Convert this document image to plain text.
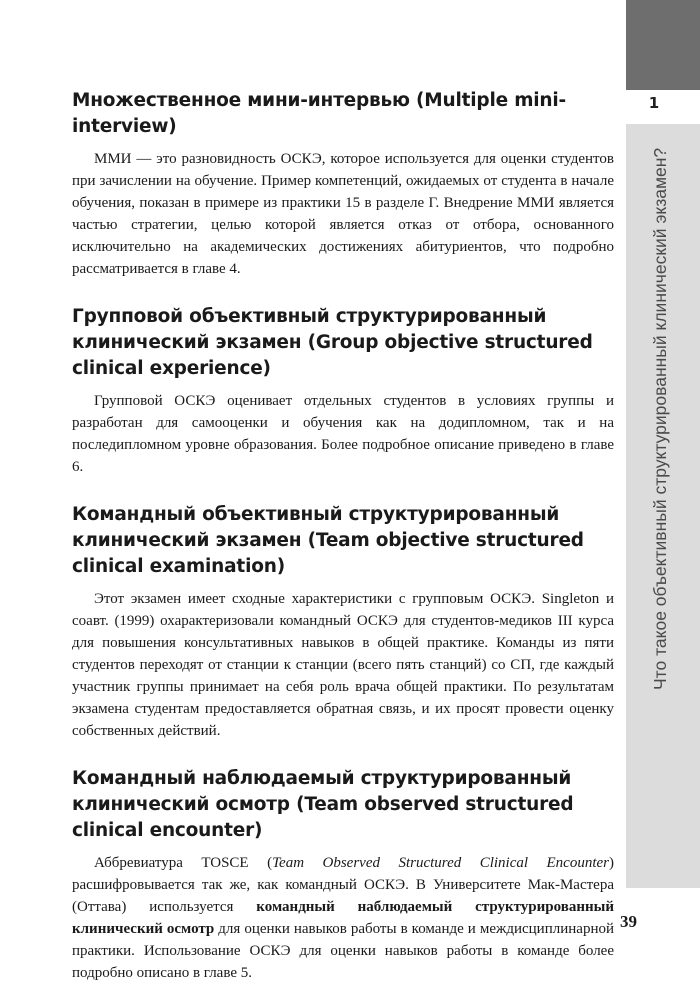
1
Что такое объективный структурированный клинический экзамен?
Множественное мини-интервью (Multiple mini-interview)

ММИ — это разновидность ОСКЭ, которое используется для оценки студентов при зачислении на обучение. Пример компетенций, ожидаемых от студента в начале обучения, показан в примере из практики 15 в разделе Г. Внедрение ММИ является частью стратегии, целью которой является отказ от отбора, основанного исключительно на академических достижениях абитуриентов, что подробно рассматривается в главе 4.

Групповой объективный структурированный клинический экзамен (Group objective structured clinical experience)

Групповой ОСКЭ оценивает отдельных студентов в условиях группы и разработан для самооценки и обучения как на додипломном, так и на последипломном уровне образования. Более подробное описание приведено в главе 6.

Командный объективный структурированный клинический экзамен (Team objective structured clinical examination)

Этот экзамен имеет сходные характеристики с групповым ОСКЭ. Singleton и соавт. (1999) охарактеризовали командный ОСКЭ для студентов-медиков III курса для повышения консультативных навыков в общей практике. Команды из пяти студентов переходят от станции к станции (всего пять станций) со СП, где каждый участник группы принимает на себя роль врача общей практики. По результатам экзамена студентам предоставляется обратная связь, и их просят провести оценку собственных действий.

Командный наблюдаемый структурированный клинический осмотр (Team observed structured clinical encounter)

Аббревиатура TOSCE (Team Observed Structured Clinical Encounter) расшифровывается так же, как командный ОСКЭ. В Университете Мак-Мастера (Оттава) используется командный наблюдаемый структурированный клинический осмотр для оценки навыков работы в команде и междисциплинарной практики. Использование ОСКЭ для оценки навыков работы в команде более подробно описано в главе 5.

39
